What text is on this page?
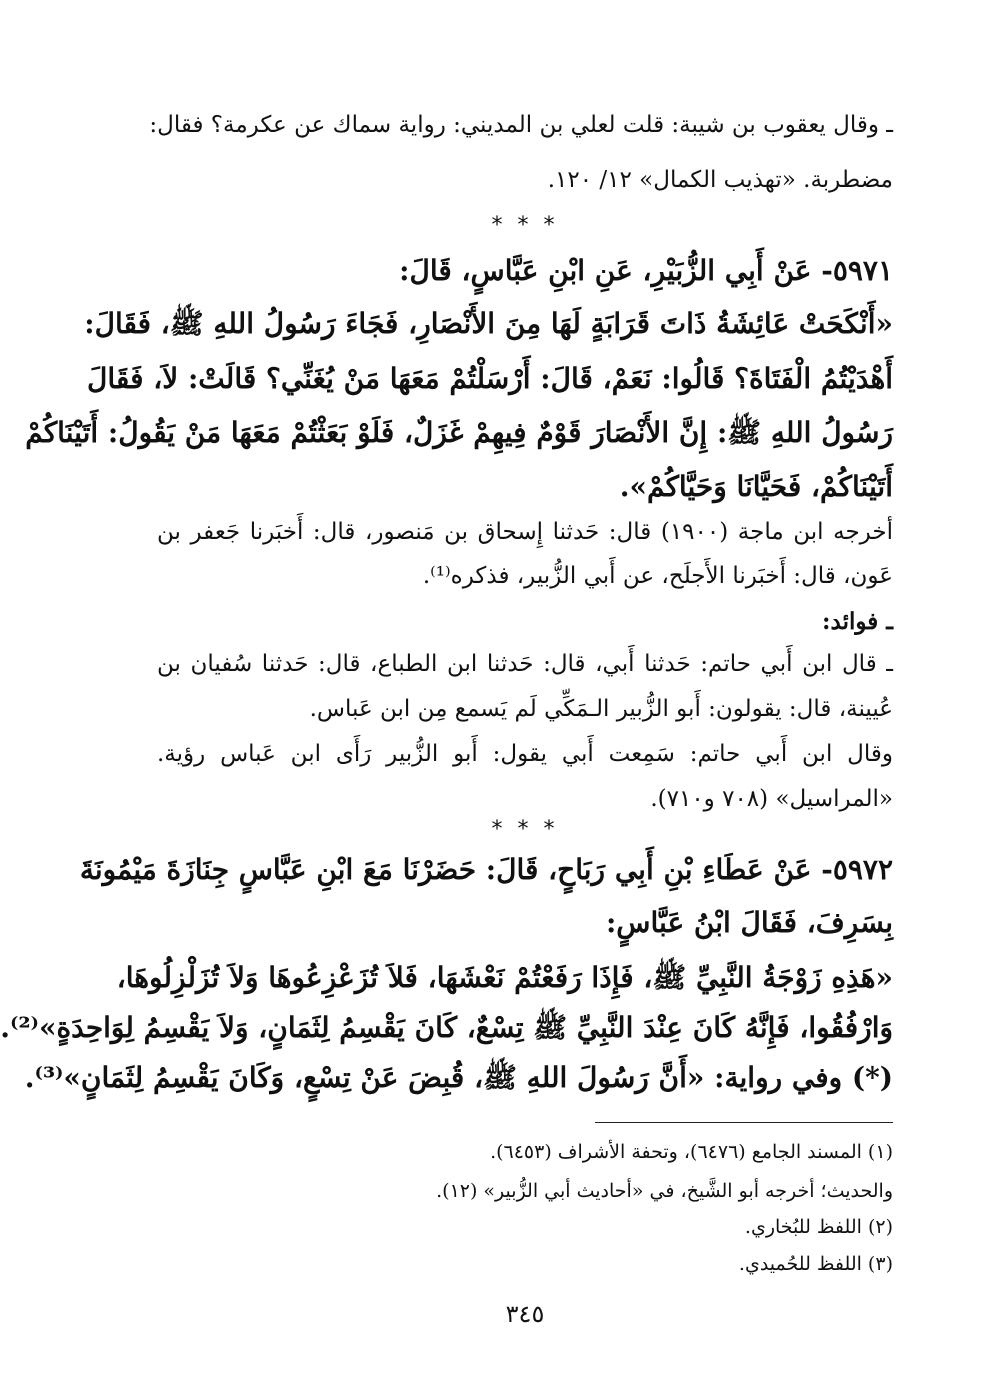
ـ وقال يعقوب بن شيبة: قلت لعلي بن المديني: رواية سماك عن عكرمة؟ فقال:
مضطربة. «تهذيب الكمال» ١٢/ ١٢٠.
* * *
٥٩٧١- عَنْ أَبِي الزُّبَيْرِ، عَنِ ابْنِ عَبَّاسٍ، قَالَ:
«أَنْكَحَتْ عَائِشَةُ ذَاتَ قَرَابَةٍ لَهَا مِنَ الأَنْصَارِ، فَجَاءَ رَسُولُ اللهِ ﷺ، فَقَالَ:
أَهْدَيْتُمُ الْفَتَاةَ؟ قَالُوا: نَعَمْ، قَالَ: أَرْسَلْتُمْ مَعَهَا مَنْ يُغَنِّي؟ قَالَتْ: لاَ، فَقَالَ
رَسُولُ اللهِ ﷺ: إِنَّ الأَنْصَارَ قَوْمٌ فِيهِمْ غَزَلٌ، فَلَوْ بَعَثْتُمْ مَعَهَا مَنْ يَقُولُ: أَتَيْنَاكُمْ
أَتَيْنَاكُمْ، فَحَيَّانَا وَحَيَّاكُمْ».
أخرجه ابن ماجة (١٩٠٠) قال: حَدثنا إِسحاق بن مَنصور، قال: أَخبَرنا جَعفر بن
عَون، قال: أَخبَرنا الأَجلَح، عن أَبي الزُّبير، فذكره⁽¹⁾.
ـ فوائد:
ـ قال ابن أَبي حاتم: حَدثنا أَبي، قال: حَدثنا ابن الطباع، قال: حَدثنا سُفيان بن
عُيينة، قال: يقولون: أَبو الزُّبير الـمَكِّي لَم يَسمع مِن ابن عَباس.
وقال ابن أَبي حاتم: سَمِعت أَبي يقول: أَبو الزُّبير رَأَى ابن عَباس رؤية.
«المراسيل» (٧٠٨ و٧١٠).
* * *
٥٩٧٢- عَنْ عَطَاءِ بْنِ أَبِي رَبَاحٍ، قَالَ: حَضَرْنَا مَعَ ابْنِ عَبَّاسٍ جِنَازَةَ مَيْمُونَةَ
بِسَرِفَ، فَقَالَ ابْنُ عَبَّاسٍ:
«هَذِهِ زَوْجَةُ النَّبِيِّ ﷺ، فَإِذَا رَفَعْتُمْ نَعْشَهَا، فَلاَ تُزَعْزِعُوهَا وَلاَ تُزَلْزِلُوهَا،
وَارْفُقُوا، فَإِنَّهُ كَانَ عِنْدَ النَّبِيِّ ﷺ تِسْعٌ، كَانَ يَقْسِمُ لِثَمَانٍ، وَلاَ يَقْسِمُ لِوَاحِدَةٍ»⁽²⁾.
(*) وفي رواية: «أَنَّ رَسُولَ اللهِ ﷺ، قُبِضَ عَنْ تِسْعٍ، وَكَانَ يَقْسِمُ لِثَمَانٍ»⁽³⁾.
(١) المسند الجامع (٦٤٧٦)، وتحفة الأشراف (٦٤٥٣).
والحديث؛ أخرجه أبو الشَّيخ، في «أحاديث أبي الزُّبير» (١٢).
(٢) اللفظ للبُخاري.
(٣) اللفظ للحُميدي.
٣٤٥
